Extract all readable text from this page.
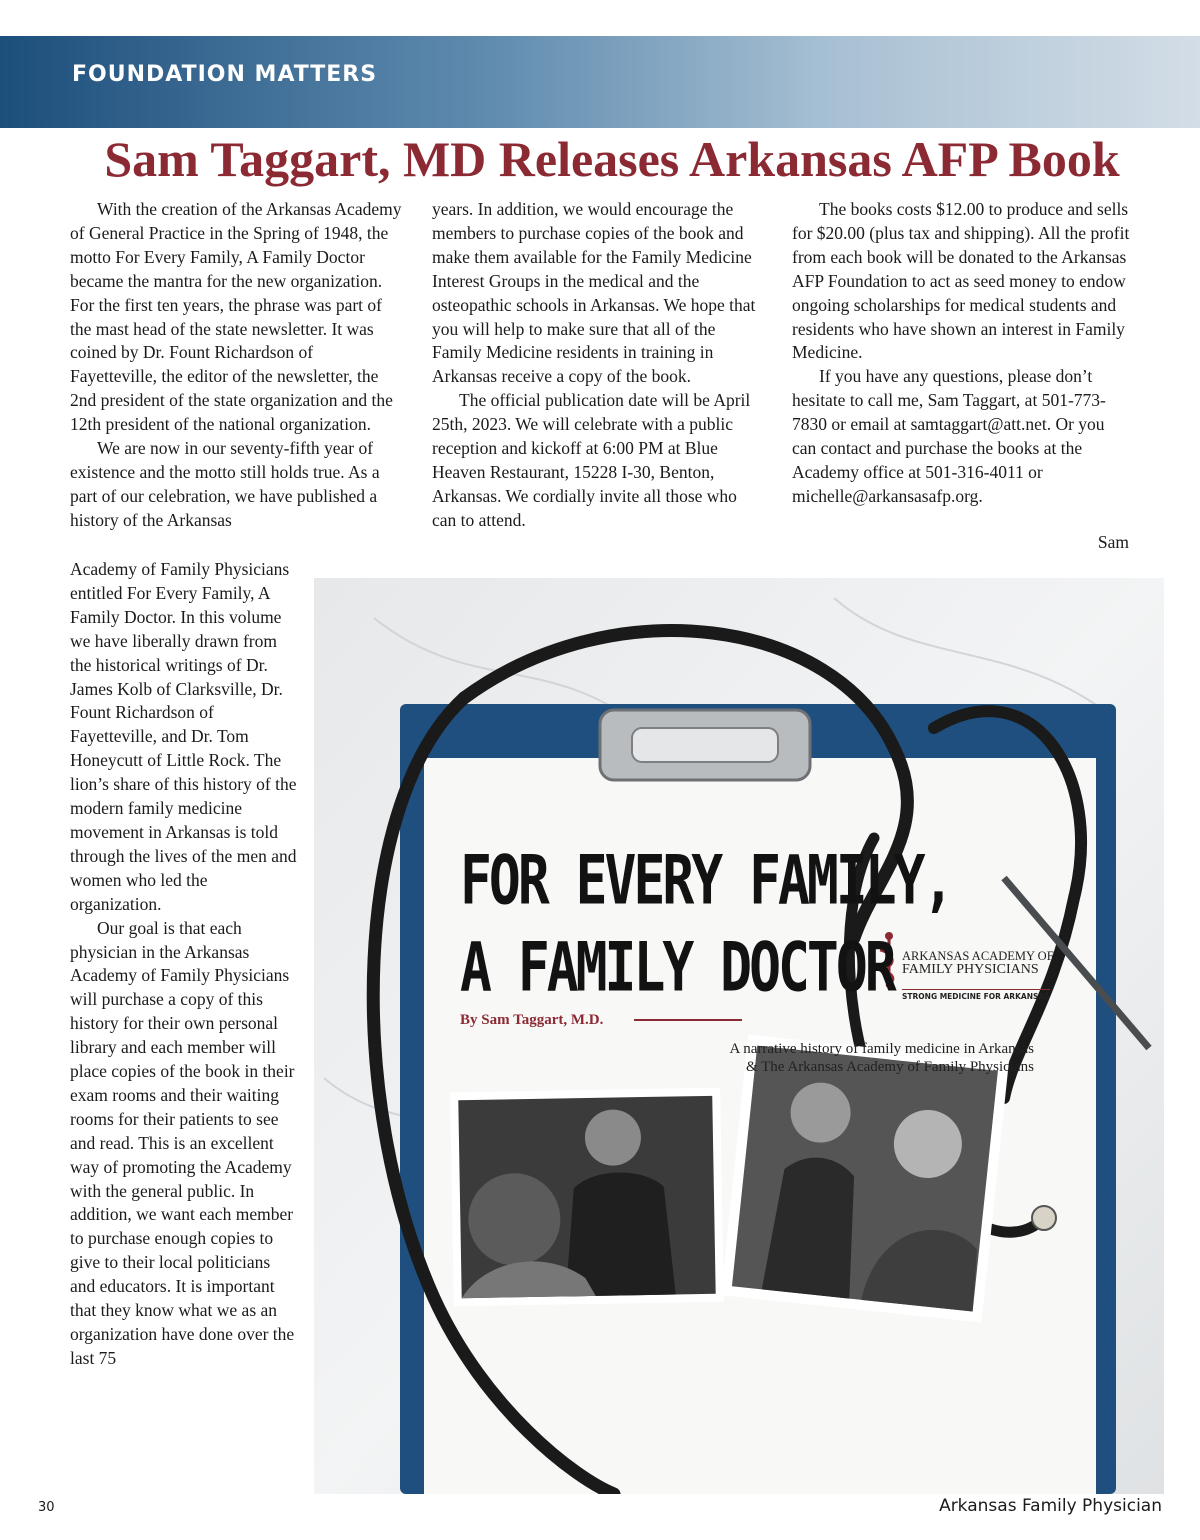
FOUNDATION MATTERS
Sam Taggart, MD Releases Arkansas AFP Book

With the creation of the Arkansas Academy of General Practice in the Spring of 1948, the motto For Every Family, A Family Doctor became the mantra for the new organization. For the first ten years, the phrase was part of the mast head of the state newsletter. It was coined by Dr. Fount Richardson of Fayetteville, the editor of the newsletter, the 2nd president of the state organization and the 12th president of the national organization.

We are now in our seventy-fifth year of existence and the motto still holds true. As a part of our celebration, we have published a history of the Arkansas

Academy of Family Physicians entitled For Every Family, A Family Doctor. In this volume we have liberally drawn from the historical writings of Dr. James Kolb of Clarksville, Dr. Fount Richardson of Fayetteville, and Dr. Tom Honeycutt of Little Rock. The lion’s share of this history of the modern family medicine movement in Arkansas is told through the lives of the men and women who led the organization.

Our goal is that each physician in the Arkansas Academy of Family Physicians will purchase a copy of this history for their own personal library and each member will place copies of the book in their exam rooms and their waiting rooms for their patients to see and read. This is an excellent way of promoting the Academy with the general public. In addition, we want each member to purchase enough copies to give to their local politicians and educators. It is important that they know what we as an organization have done over the last 75

years. In addition, we would encourage the members to purchase copies of the book and make them available for the Family Medicine Interest Groups in the medical and the osteopathic schools in Arkansas. We hope that you will help to make sure that all of the Family Medicine residents in training in Arkansas receive a copy of the book.

The official publication date will be April 25th, 2023. We will celebrate with a public reception and kickoff at 6:00 PM at Blue Heaven Restaurant, 15228 I-30, Benton, Arkansas. We cordially invite all those who can to attend.

The books costs $12.00 to produce and sells for $20.00 (plus tax and shipping). All the profit from each book will be donated to the Arkansas AFP Foundation to act as seed money to endow ongoing scholarships for medical students and residents who have shown an interest in Family Medicine.

If you have any questions, please don’t hesitate to call me, Sam Taggart, at 501-773-7830 or email at samtaggart@att.net. Or you can contact and purchase the books at the Academy office at 501-316-4011 or michelle@arkansasafp.org.

Sam
FOR EVERY FAMILY,
A FAMILY DOCTOR
By Sam Taggart, M.D.
ARKANSAS ACADEMY OF
FAMILY PHYSICIANS
STRONG MEDICINE FOR ARKANSAS
A narrative history of family medicine in Arkansas
& The Arkansas Academy of Family Physicians
30	Arkansas Family Physician
